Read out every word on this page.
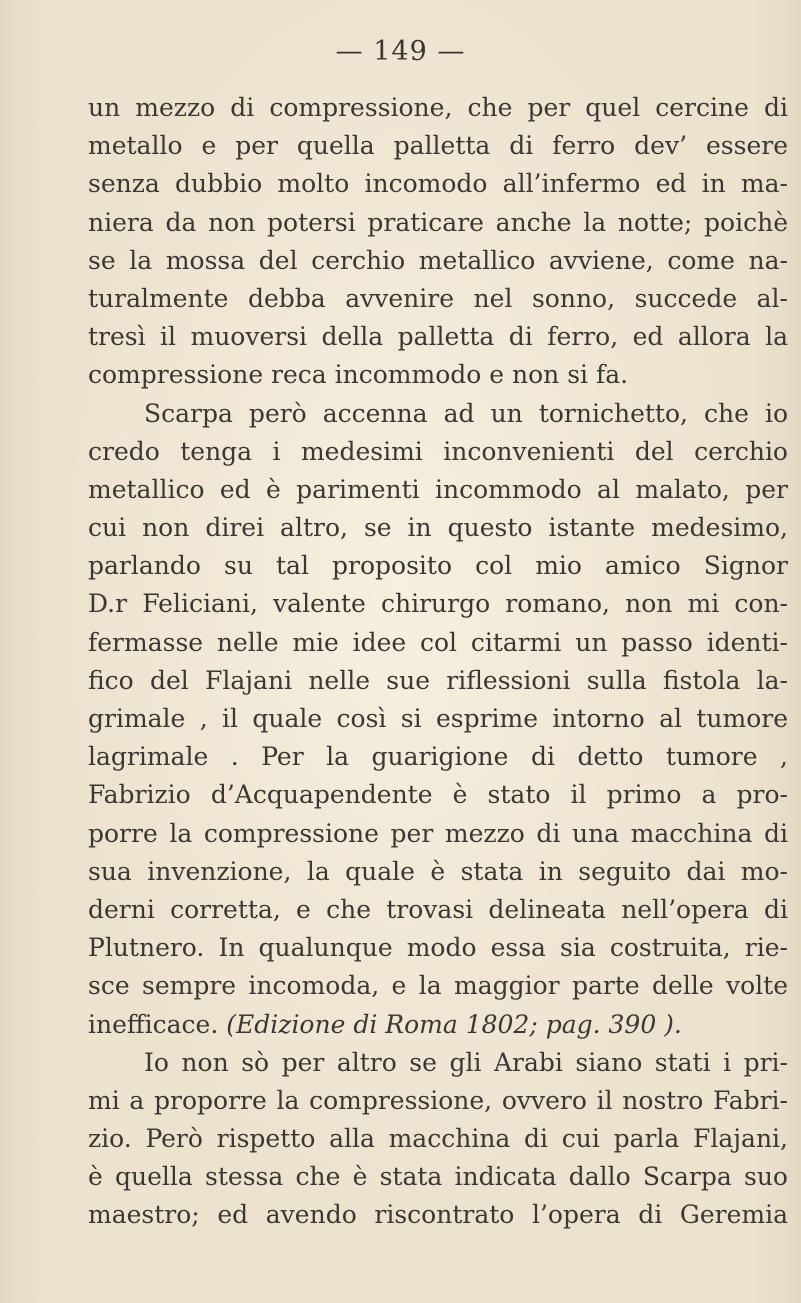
— 149 —
un mezzo di compressione, che per quel cercine di
metallo e per quella palletta di ferro dev’ essere
senza dubbio molto incomodo all’infermo ed in ma-
niera da non potersi praticare anche la notte; poichè
se la mossa del cerchio metallico avviene, come na-
turalmente debba avvenire nel sonno, succede al-
tresì il muoversi della palletta di ferro, ed allora la
compressione reca incommodo e non si fa.
Scarpa però accenna ad un tornichetto, che io
credo tenga i medesimi inconvenienti del cerchio
metallico ed è parimenti incommodo al malato, per
cui non direi altro, se in questo istante medesimo,
parlando su tal proposito col mio amico Signor
D.r Feliciani, valente chirurgo romano, non mi con-
fermasse nelle mie idee col citarmi un passo identi-
fico del Flajani nelle sue riflessioni sulla fistola la-
grimale , il quale così si esprime intorno al tumore
lagrimale . Per la guarigione di detto tumore ,
Fabrizio d’Acquapendente è stato il primo a pro-
porre la compressione per mezzo di una macchina di
sua invenzione, la quale è stata in seguito dai mo-
derni corretta, e che trovasi delineata nell’opera di
Plutnero. In qualunque modo essa sia costruita, rie-
sce sempre incomoda, e la maggior parte delle volte
inefficace. (Edizione di Roma 1802; pag. 390 ).
Io non sò per altro se gli Arabi siano stati i pri-
mi a proporre la compressione, ovvero il nostro Fabri-
zio. Però rispetto alla macchina di cui parla Flajani,
è quella stessa che è stata indicata dallo Scarpa suo
maestro; ed avendo riscontrato l’opera di Geremia
